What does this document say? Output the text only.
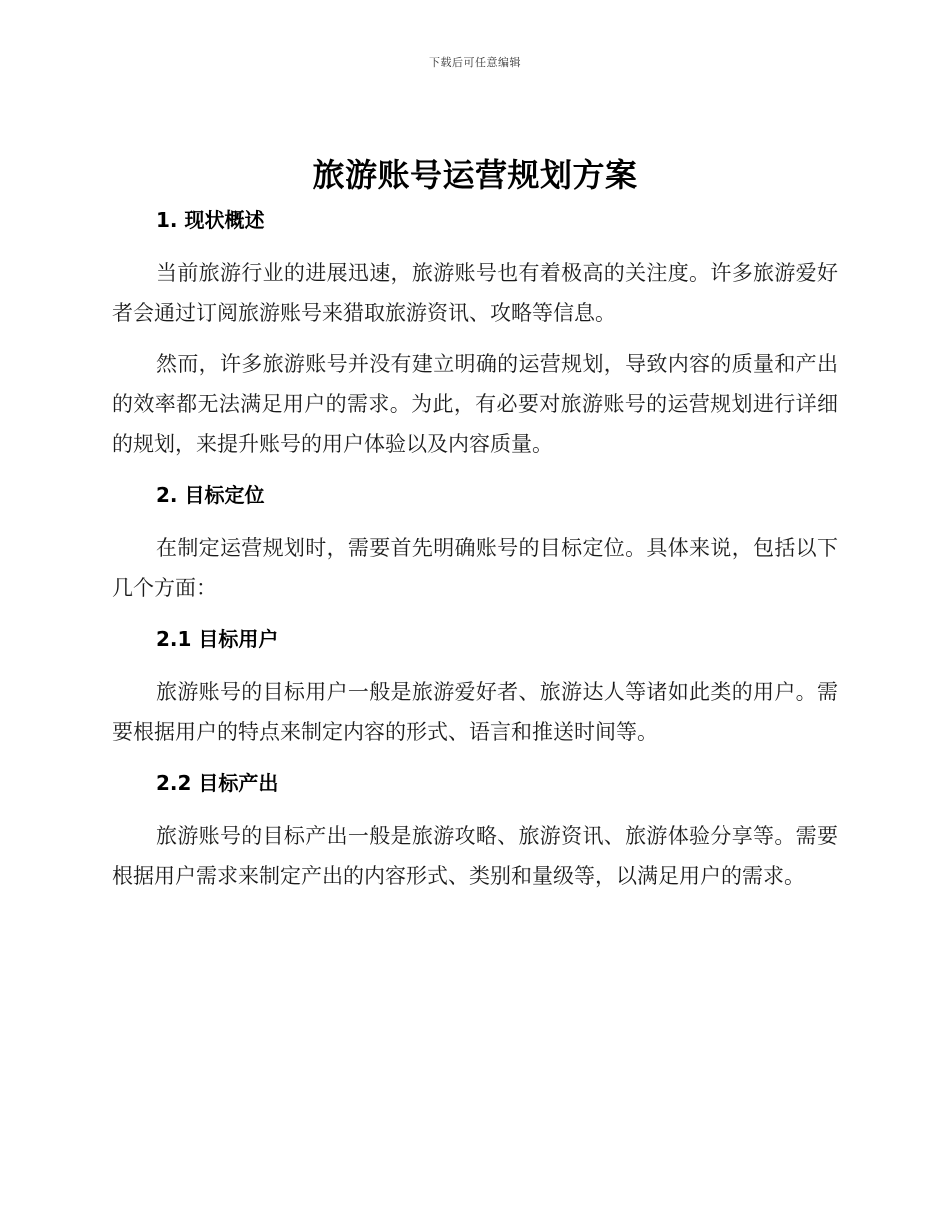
下载后可任意编辑
旅游账号运营规划方案

1. 现状概述

当前旅游行业的进展迅速，旅游账号也有着极高的关注度。许多旅游爱好者会通过订阅旅游账号来猎取旅游资讯、攻略等信息。

然而，许多旅游账号并没有建立明确的运营规划，导致内容的质量和产出的效率都无法满足用户的需求。为此，有必要对旅游账号的运营规划进行详细的规划，来提升账号的用户体验以及内容质量。

2. 目标定位

在制定运营规划时，需要首先明确账号的目标定位。具体来说，包括以下几个方面：

2.1 目标用户

旅游账号的目标用户一般是旅游爱好者、旅游达人等诸如此类的用户。需要根据用户的特点来制定内容的形式、语言和推送时间等。

2.2 目标产出

旅游账号的目标产出一般是旅游攻略、旅游资讯、旅游体验分享等。需要根据用户需求来制定产出的内容形式、类别和量级等，以满足用户的需求。
